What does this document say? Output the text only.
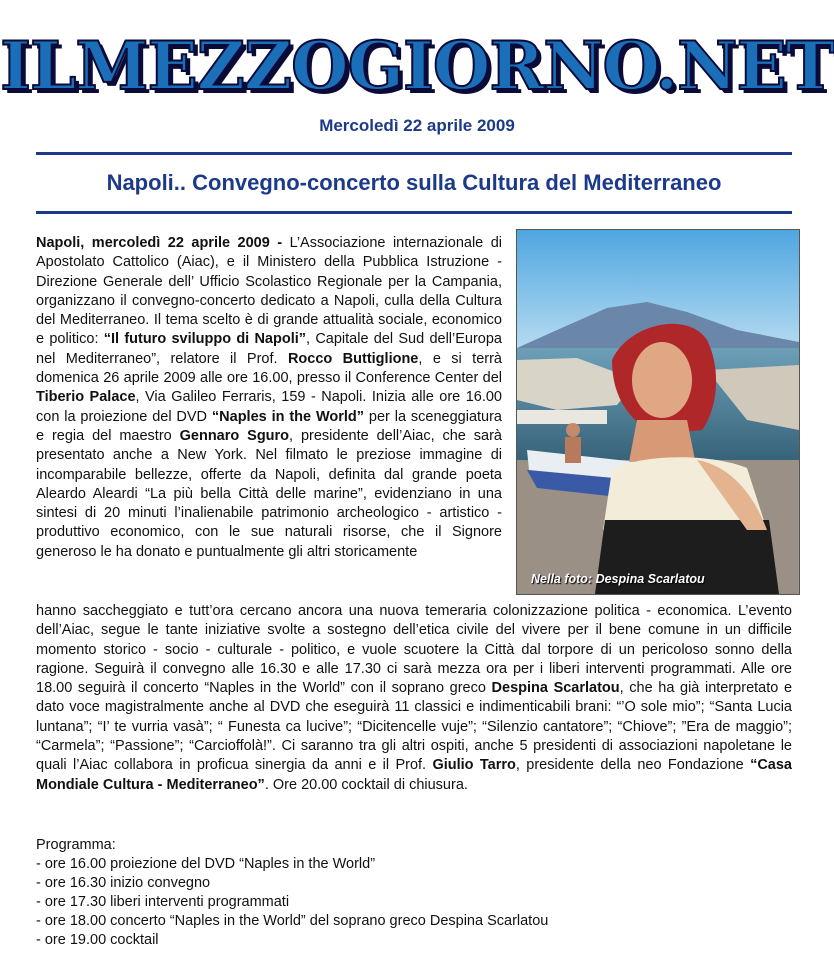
ILMEZZOGIORNO.NET
Mercoledì 22 aprile 2009
Napoli.. Convegno-concerto sulla Cultura del Mediterraneo
Napoli, mercoledì 22 aprile 2009 - L’Associazione internazionale di Apostolato Cattolico (Aiac), e il Ministero della Pubblica Istruzione - Direzione Generale dell’ Ufficio Scolastico Regionale per la Campania, organizzano il convegno-concerto dedicato a Napoli, culla della Cultura del Mediterraneo. Il tema scelto è di grande attualità sociale, economico e politico: “Il futuro sviluppo di Napoli”, Capitale del Sud dell’Europa nel Mediterraneo”, relatore il Prof. Rocco Buttiglione, e si terrà domenica 26 aprile 2009 alle ore 16.00, presso il Conference Center del Tiberio Palace, Via Galileo Ferraris, 159 - Napoli. Inizia alle ore 16.00 con la proiezione del DVD “Naples in the World” per la sceneggiatura e regia del maestro Gennaro Sguro, presidente dell’Aiac, che sarà presentato anche a New York. Nel filmato le preziose immagine di incomparabile bellezze, offerte da Napoli, definita dal grande poeta Aleardo Aleardi “La più bella Città delle marine”, evidenziano in una sintesi di 20 minuti l’inalienabile patrimonio archeologico - artistico - produttivo economico, con le sue naturali risorse, che il Signore generoso le ha donato e puntualmente gli altri storicamente
Nella foto: Despina Scarlatou
hanno saccheggiato e tutt’ora cercano ancora una nuova temeraria colonizzazione politica - economica. L’evento dell’Aiac, segue le tante iniziative svolte a sostegno dell’etica civile del vivere per il bene comune in un difficile momento storico - socio - culturale - politico, e vuole scuotere la Città dal torpore di un pericoloso sonno della ragione. Seguirà il convegno alle 16.30 e alle 17.30 ci sarà mezza ora per i liberi interventi programmati. Alle ore 18.00 seguirà il concerto “Naples in the World” con il soprano greco Despina Scarlatou, che ha già interpretato e dato voce magistralmente anche al DVD che eseguirà 11 classici e indimenticabili brani: “’O sole mio”; “Santa Lucia luntana”; “I’ te vurria vasà”; “ Funesta ca lucive”; “Dicitencelle vuje”; “Silenzio cantatore”; “Chiove”; ”Era de maggio”; “Carmela”; “Passione”; “Carcioffolà!”. Ci saranno tra gli altri ospiti, anche 5 presidenti di associazioni napoletane le quali l’Aiac collabora in proficua sinergia da anni e il Prof. Giulio Tarro, presidente della neo Fondazione “Casa Mondiale Cultura - Mediterraneo”. Ore 20.00 cocktail di chiusura.
Programma:
- ore 16.00 proiezione del DVD “Naples in the World”
- ore 16.30 inizio convegno
- ore 17.30 liberi interventi programmati
- ore 18.00 concerto “Naples in the World” del soprano greco Despina Scarlatou
- ore 19.00 cocktail
